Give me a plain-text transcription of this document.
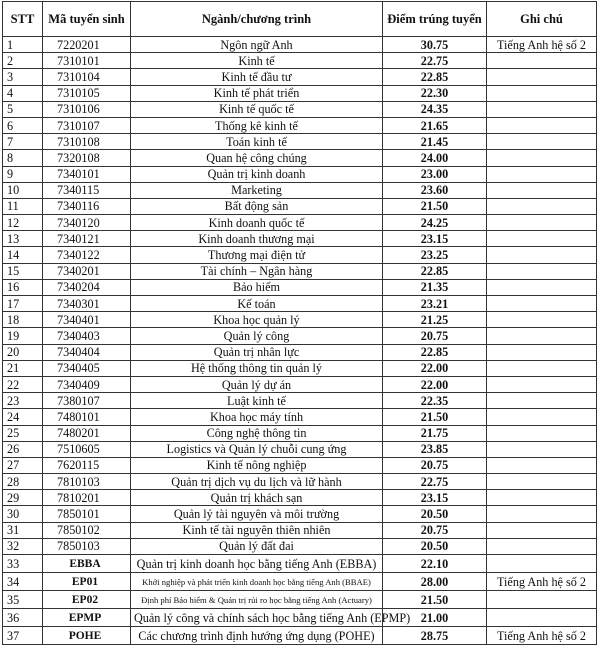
STT	Mã tuyển sinh	Ngành/chương trình	Điểm trúng tuyển	Ghi chú
1	7220201	Ngôn ngữ Anh	30.75	Tiếng Anh hệ số 2
2	7310101	Kinh tế	22.75	
3	7310104	Kinh tế đầu tư	22.85	
4	7310105	Kinh tế phát triển	22.30	
5	7310106	Kinh tế quốc tế	24.35	
6	7310107	Thống kê kinh tế	21.65	
7	7310108	Toán kinh tế	21.45	
8	7320108	Quan hệ công chúng	24.00	
9	7340101	Quản trị kinh doanh	23.00	
10	7340115	Marketing	23.60	
11	7340116	Bất động sản	21.50	
12	7340120	Kinh doanh quốc tế	24.25	
13	7340121	Kinh doanh thương mại	23.15	
14	7340122	Thương mại điện tử	23.25	
15	7340201	Tài chính – Ngân hàng	22.85	
16	7340204	Bảo hiểm	21.35	
17	7340301	Kế toán	23.21	
18	7340401	Khoa học quản lý	21.25	
19	7340403	Quản lý công	20.75	
20	7340404	Quản trị nhân lực	22.85	
21	7340405	Hệ thống thông tin quản lý	22.00	
22	7340409	Quản lý dự án	22.00	
23	7380107	Luật kinh tế	22.35	
24	7480101	Khoa học máy tính	21.50	
25	7480201	Công nghệ thông tin	21.75	
26	7510605	Logistics và Quản lý chuỗi cung ứng	23.85	
27	7620115	Kinh tế nông nghiệp	20.75	
28	7810103	Quản trị dịch vụ du lịch và lữ hành	22.75	
29	7810201	Quản trị khách sạn	23.15	
30	7850101	Quản lý tài nguyên và môi trường	20.50	
31	7850102	Kinh tế tài nguyên thiên nhiên	20.75	
32	7850103	Quản lý đất đai	20.50	
33	EBBA	Quản trị kinh doanh học bằng tiếng Anh (EBBA)	22.10	
34	EP01	Khởi nghiệp và phát triển kinh doanh học bằng tiếng Anh (BBAE)	28.00	Tiếng Anh hệ số 2
35	EP02	Định phí Bảo hiểm & Quản trị rủi ro học bằng tiếng Anh (Actuary)	21.50	
36	EPMP	Quản lý công và chính sách học bằng tiếng Anh (EPMP)	21.00	
37	POHE	Các chương trình định hướng ứng dụng (POHE)	28.75	Tiếng Anh hệ số 2
